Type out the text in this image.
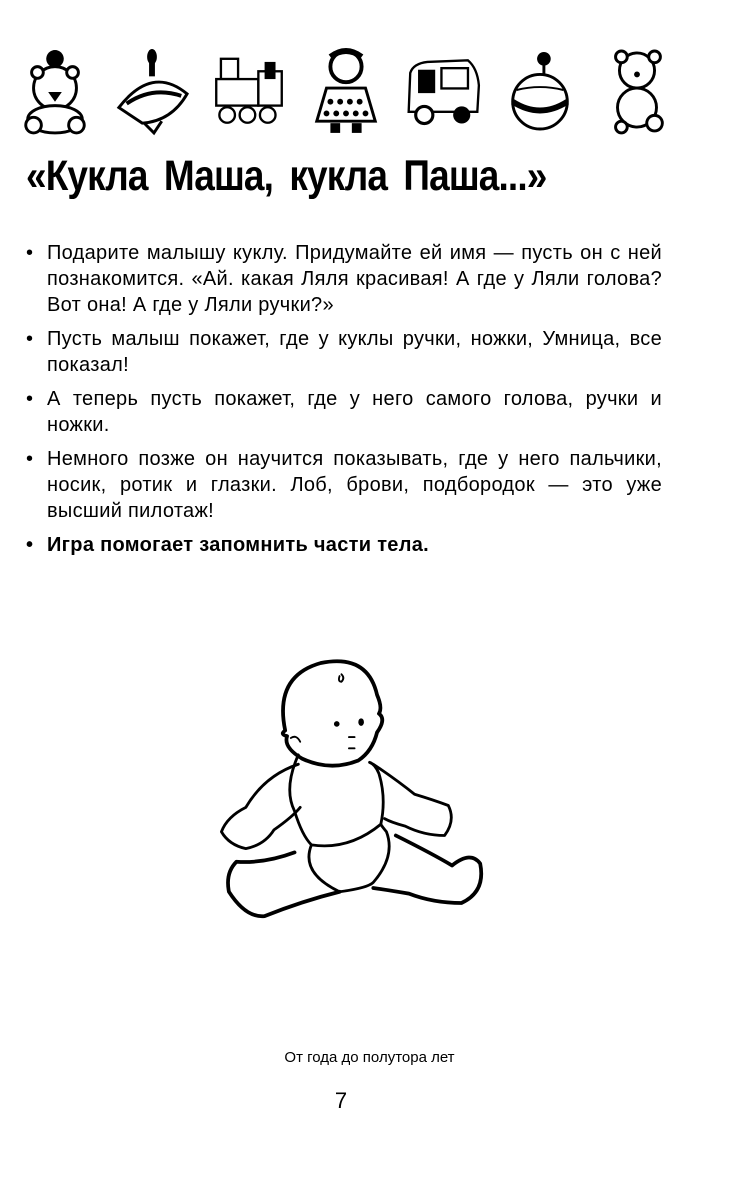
«Кукла Маша, кукла Паша...»
• Подарите малышу куклу. Придумайте ей имя — пусть он с ней познакомится. «Ай. какая Ляля красивая! А где у Ляли голова? Вот она! А где у Ляли ручки?»
• Пусть малыш покажет, где у куклы ручки, ножки, Умница, все показал!
• А теперь пусть покажет, где у него самого голова, ручки и ножки.
• Немного позже он научится показывать, где у него пальчики, носик, ротик и глазки. Лоб, брови, подбородок — это уже высший пилотаж!
• Игра помогает запомнить части тела.
От года до полутора лет
7
